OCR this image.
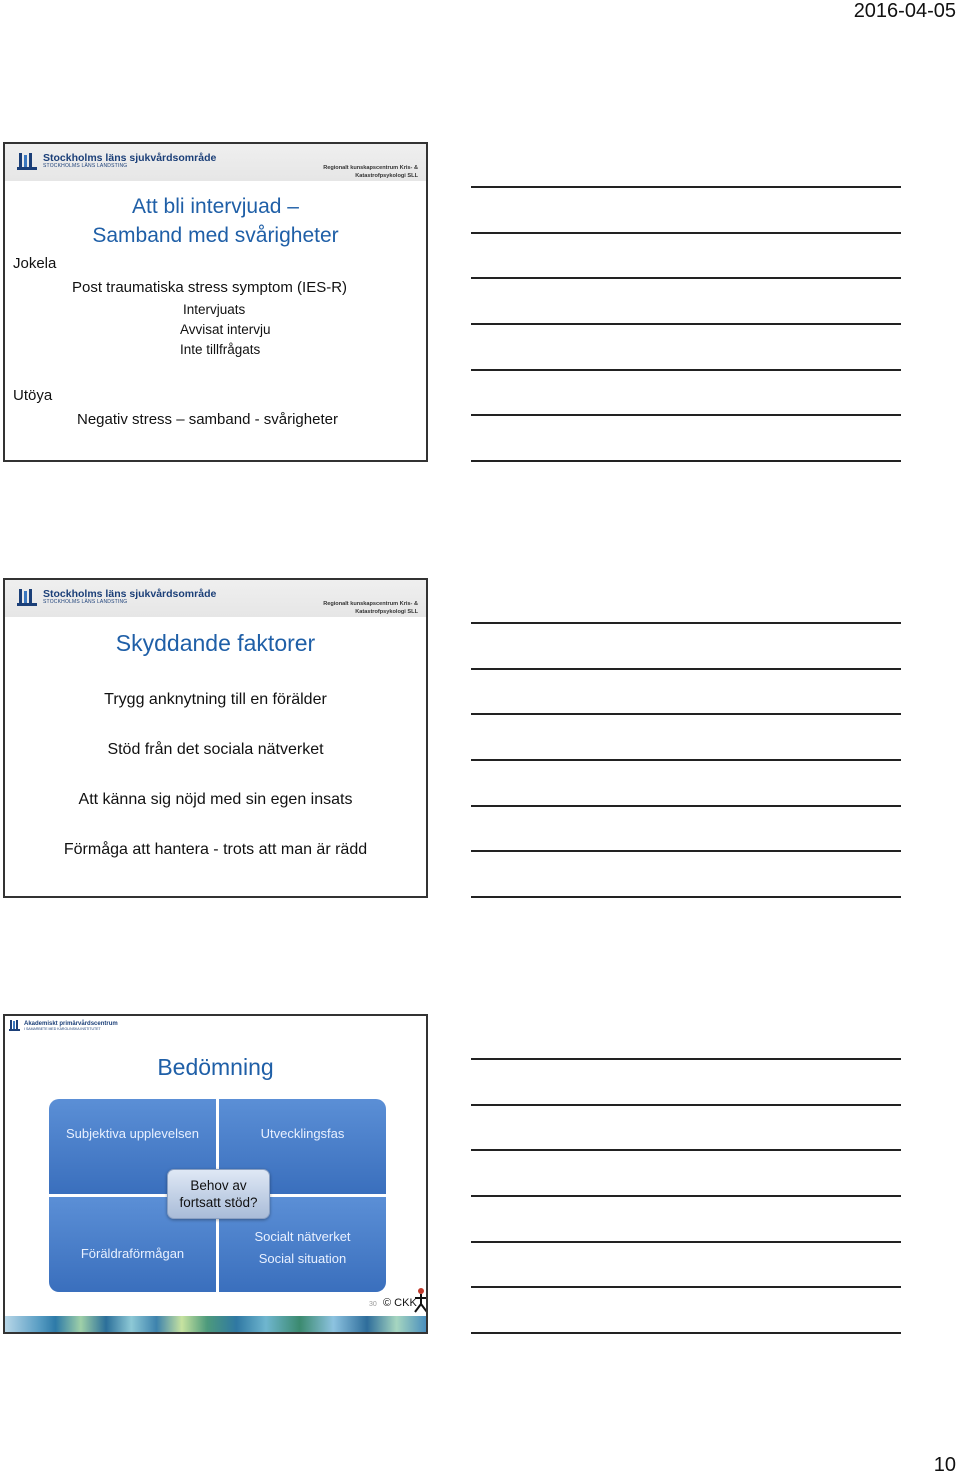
2016-04-05
Stockholms läns sjukvårdsområde
STOCKHOLMS LÄNS LANDSTING	Regionalt kunskapscentrum Kris- &
Katastrofpsykologi SLL
Att bli intervjuad –
Samband med svårigheter
Jokela
Post traumatiska stress symptom (IES-R)
Intervjuats
Avvisat intervju
Inte tillfrågats
Utöya
Negativ stress – samband - svårigheter
Stockholms läns sjukvårdsområde
STOCKHOLMS LÄNS LANDSTING	Regionalt kunskapscentrum Kris- &
Katastrofpsykologi SLL
Skyddande faktorer
Trygg anknytning till en förälder
Stöd från det sociala nätverket
Att känna sig nöjd med sin egen insats
Förmåga att hantera - trots att man är rädd
Akademiskt primärvårdscentrum
I SAMARBETE MED KAROLINSKA INSTITUTET
Bedömning
Subjektiva upplevelsen	Utvecklingsfas
Föräldraförmågan
Socialt nätverket
Social situation
Behov av
fortsatt stöd?
30 © CKK
10
